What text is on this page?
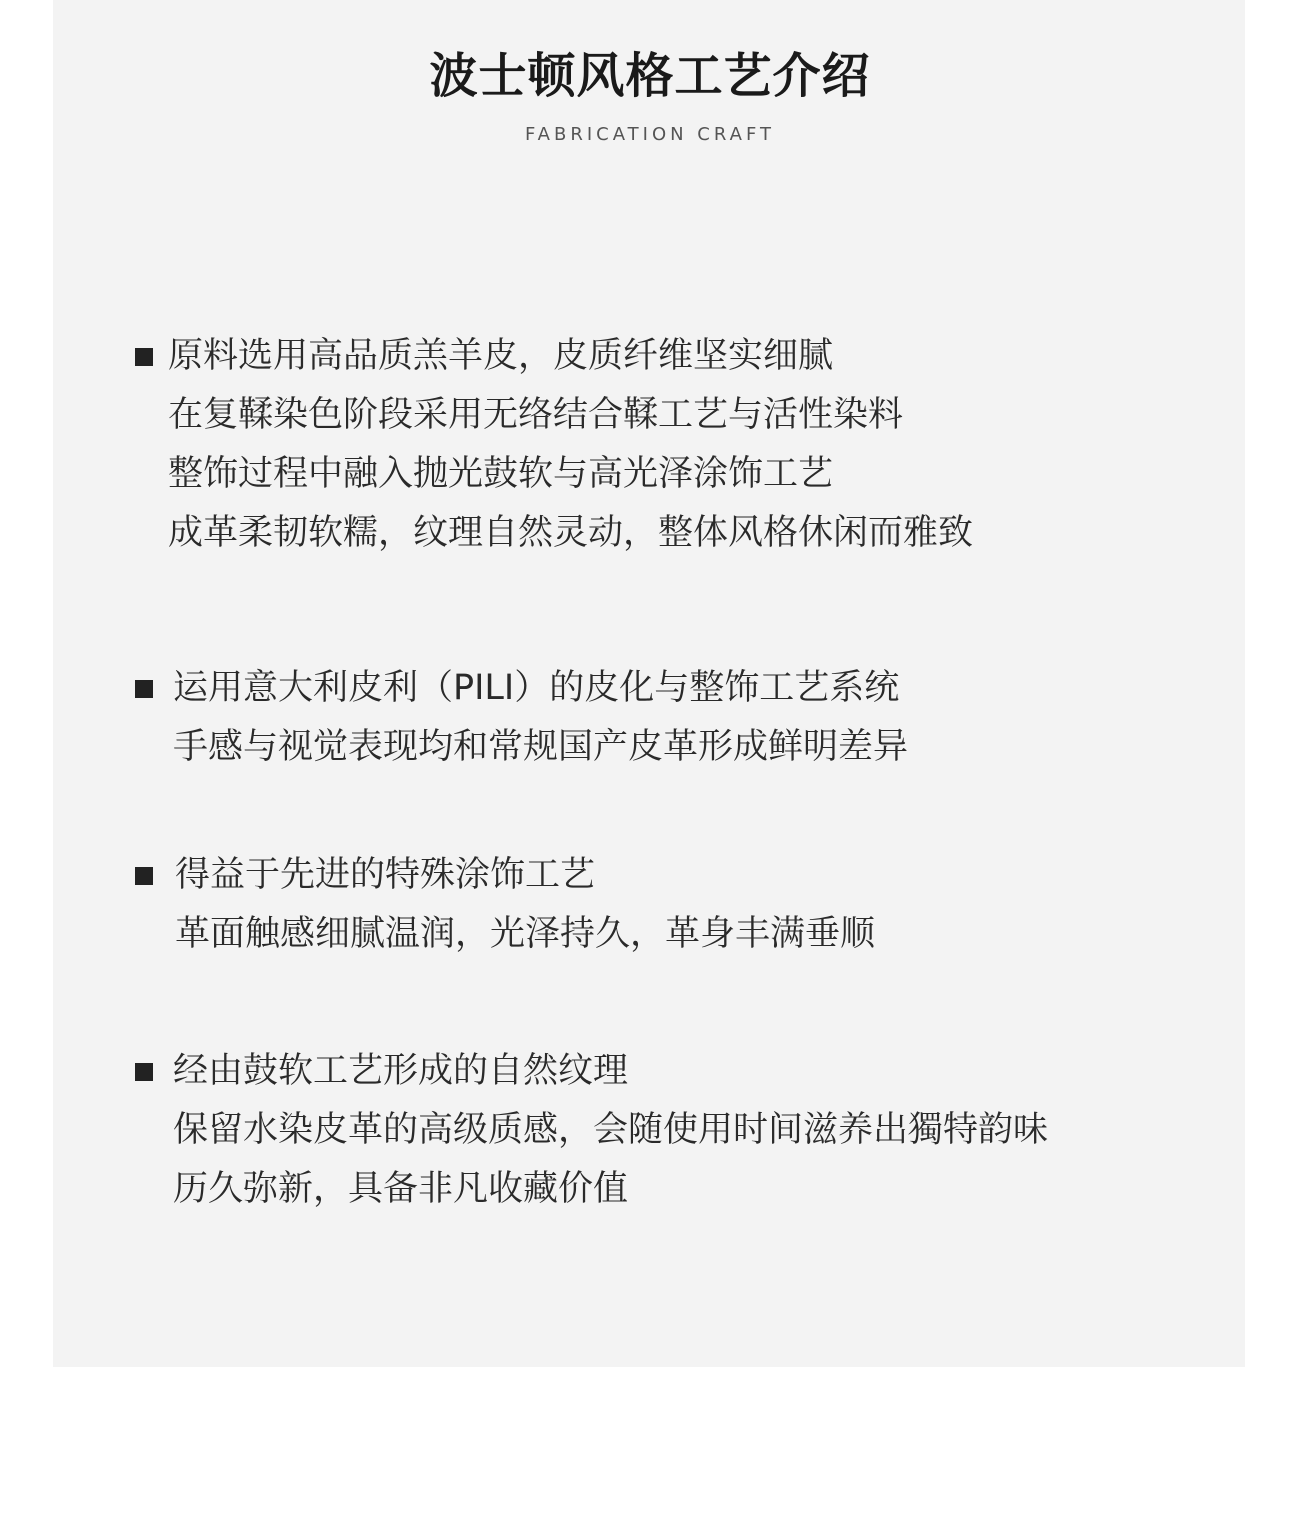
波士顿风格工艺介绍

FABRICATION CRAFT

原料选用高品质羔羊皮，皮质纤维坚实细腻
在复鞣染色阶段采用无络结合鞣工艺与活性染料
整饰过程中融入抛光鼓软与高光泽涂饰工艺
成革柔韧软糯，纹理自然灵动，整体风格休闲而雅致
运用意大利皮利（PILI）的皮化与整饰工艺系统
手感与视觉表现均和常规国产皮革形成鲜明差异
得益于先进的特殊涂饰工艺
革面触感细腻温润，光泽持久，革身丰满垂顺
经由鼓软工艺形成的自然纹理
保留水染皮革的高级质感，会随使用时间滋养出獨特韵味
历久弥新，具备非凡收藏价值
